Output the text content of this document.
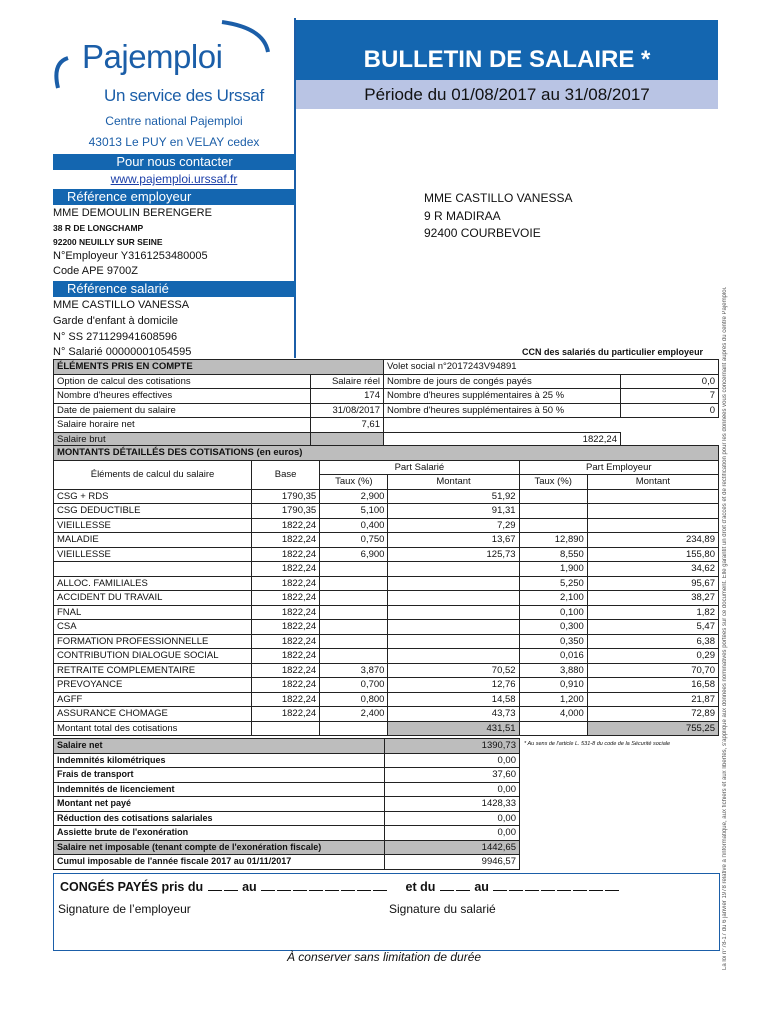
Pajemploi
Un service des Urssaf
BULLETIN DE SALAIRE *
Période du 01/08/2017 au 31/08/2017
Centre national Pajemploi
43013 Le PUY en VELAY cedex
Pour nous contacter
www.pajemploi.urssaf.fr
Référence employeur
MME DEMOULIN BERENGERE
38 R DE LONGCHAMP
92200 NEUILLY SUR SEINE
N°Employeur Y3161253480005
Code APE 9700Z
Référence salarié
MME CASTILLO VANESSA
Garde d'enfant à domicile
N° SS 271129941608596
N° Salarié 00000001054595
MME CASTILLO VANESSA
9 R MADIRAA
92400 COURBEVOIE
CCN des salariés du particulier employeur	La loi n°78-17 du 6 janvier 1978 relative à l'informatique, aux fichiers et aux libertés, s'applique aux données nominatives portées sur ce document. Elle garantit un droit d'accès et de rectification pour les données vous concernant auprès du centre Pajemploi.
ÉLÉMENTS PRIS EN COMPTE		Volet social n°2017243V94891	
Option de calcul des cotisations	Salaire réel	Nombre de jours de congés payés	0,0
Nombre d'heures effectives	174	Nombre d'heures supplémentaires à 25 %	7
Date de paiement du salaire	31/08/2017	Nombre d'heures supplémentaires à 50 %	0
Salaire horaire net	7,61		
Salaire brut		1822,24	
MONTANTS DÉTAILLÉS DES COTISATIONS (en euros)					
Éléments de calcul du salaire	Base	Part Salarié		Part Employeur	
		Taux (%)	Montant	Taux (%)	Montant
CSG + RDS	1790,35	2,900	51,92		
CSG DEDUCTIBLE	1790,35	5,100	91,31		
VIEILLESSE	1822,24	0,400	7,29		
MALADIE	1822,24	0,750	13,67	12,890	234,89
VIEILLESSE	1822,24	6,900	125,73	8,550	155,80
	1822,24			1,900	34,62
ALLOC. FAMILIALES	1822,24			5,250	95,67
ACCIDENT DU TRAVAIL	1822,24			2,100	38,27
FNAL	1822,24			0,100	1,82
CSA	1822,24			0,300	5,47
FORMATION PROFESSIONNELLE	1822,24			0,350	6,38
CONTRIBUTION DIALOGUE SOCIAL	1822,24			0,016	0,29
RETRAITE COMPLEMENTAIRE	1822,24	3,870	70,52	3,880	70,70
PREVOYANCE	1822,24	0,700	12,76	0,910	16,58
AGFF	1822,24	0,800	14,58	1,200	21,87
ASSURANCE CHOMAGE	1822,24	2,400	43,73	4,000	72,89
Montant total des cotisations			431,51		755,25
Salaire net	1390,73
Indemnités kilométriques	0,00
Frais de transport	37,60
Indemnités de licenciement	0,00
Montant net payé	1428,33
Réduction des cotisations salariales	0,00
Assiette brute de l'exonération	0,00
Salaire net imposable (tenant compte de l'exonération fiscale)	1442,65
Cumul imposable de l'année fiscale 2017 au 01/11/2017	9946,57
* Au sens de l'article L. 531-8 du code de la Sécurité sociale
CONGÉS PAYÉS pris du	au	et du	au
Signature de l’employeur	Signature du salarié
À conserver sans limitation de durée
